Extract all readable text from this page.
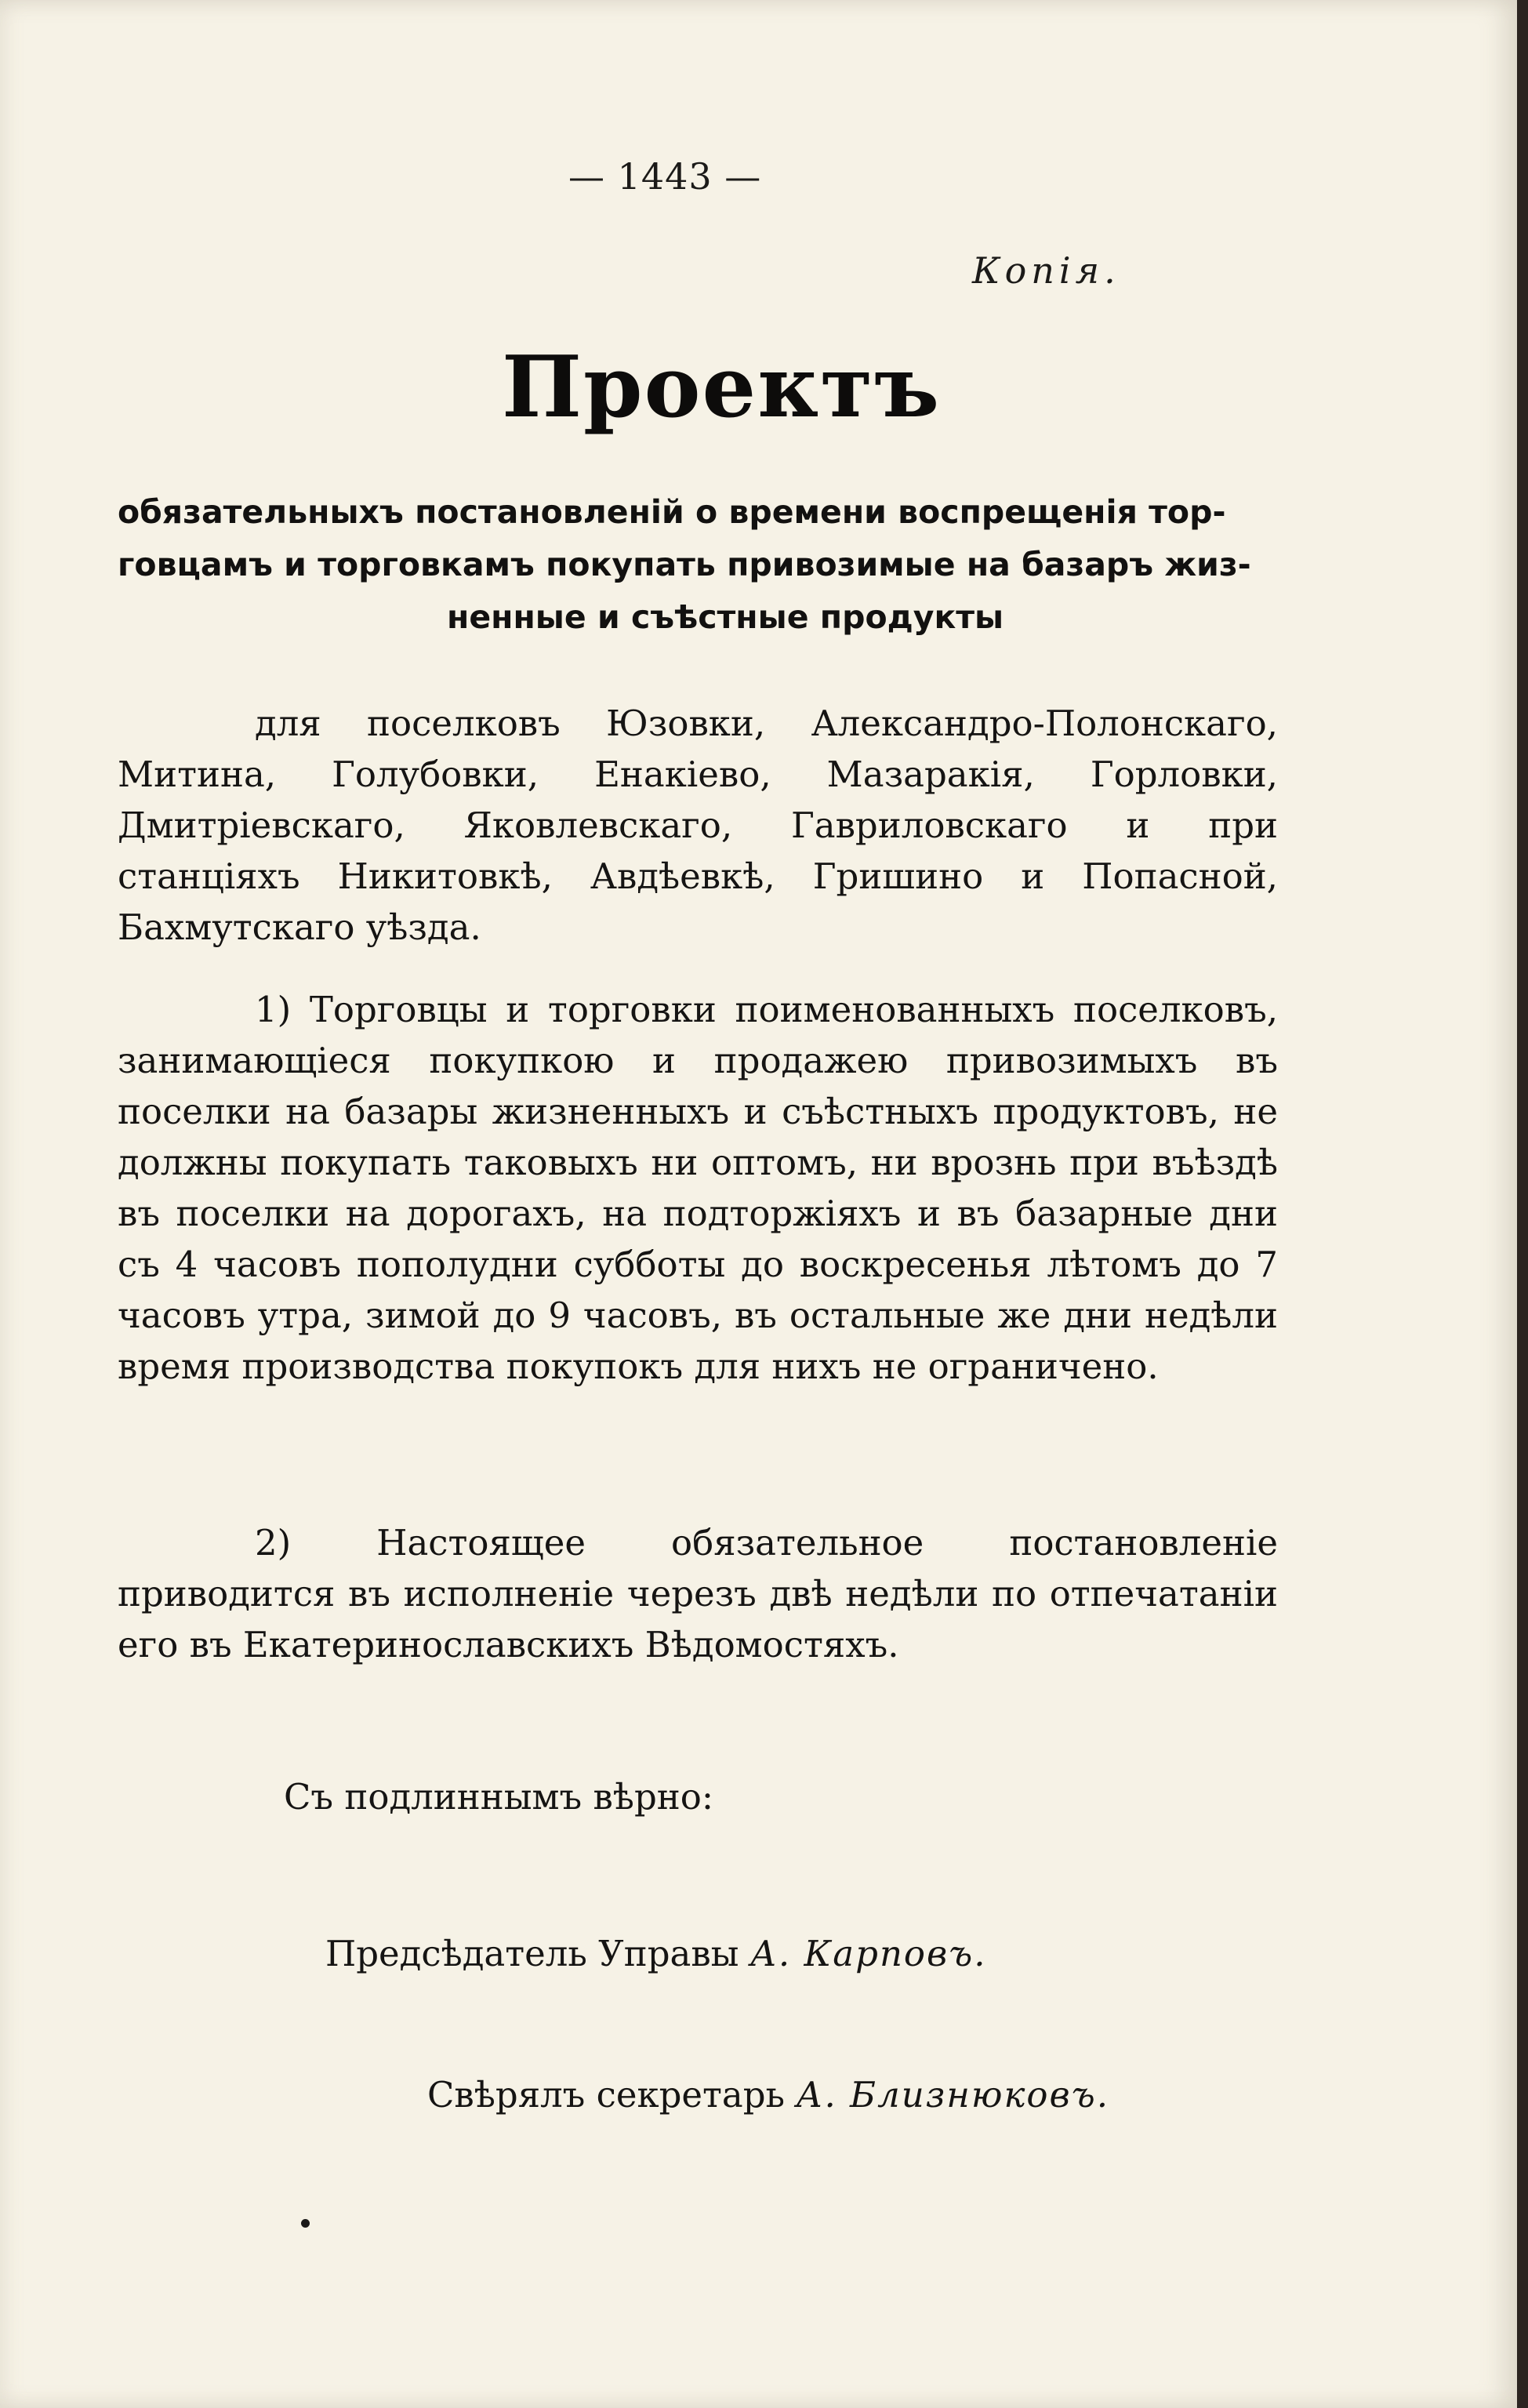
— 1443 —
Копія.
Проектъ
обязательныхъ постановленій о времени воспрещенія тор-
говцамъ и торговкамъ покупать привозимые на базаръ жиз-
ненные и съѣстные продукты
для поселковъ Юзовки, Александро-Полонскаго, Митина, Голубовки, Енакіево, Мазаракія, Горловки, Дмитріевскаго, Яковлевскаго, Гавриловскаго и при станціяхъ Никитовкѣ, Авдѣевкѣ, Гришино и Попасной, Бахмутскаго уѣзда.
1) Торговцы и торговки поименованныхъ поселковъ, занимающіеся покупкою и продажею привозимыхъ въ поселки на базары жизненныхъ и съѣстныхъ продуктовъ, не должны покупать таковыхъ ни оптомъ, ни врознь при въѣздѣ въ поселки на дорогахъ, на подторжіяхъ и въ базарные дни съ 4 часовъ пополудни субботы до воскресенья лѣтомъ до 7 часовъ утра, зимой до 9 часовъ, въ остальные же дни недѣли время производства покупокъ для нихъ не ограничено.
2) Настоящее обязательное постановленіе приводится въ исполненіе черезъ двѣ недѣли по отпечатаніи его въ Екатеринославскихъ Вѣдомостяхъ.
Съ подлиннымъ вѣрно:
Предсѣдатель Управы А. Карповъ.
Свѣрялъ секретарь А. Близнюковъ.
